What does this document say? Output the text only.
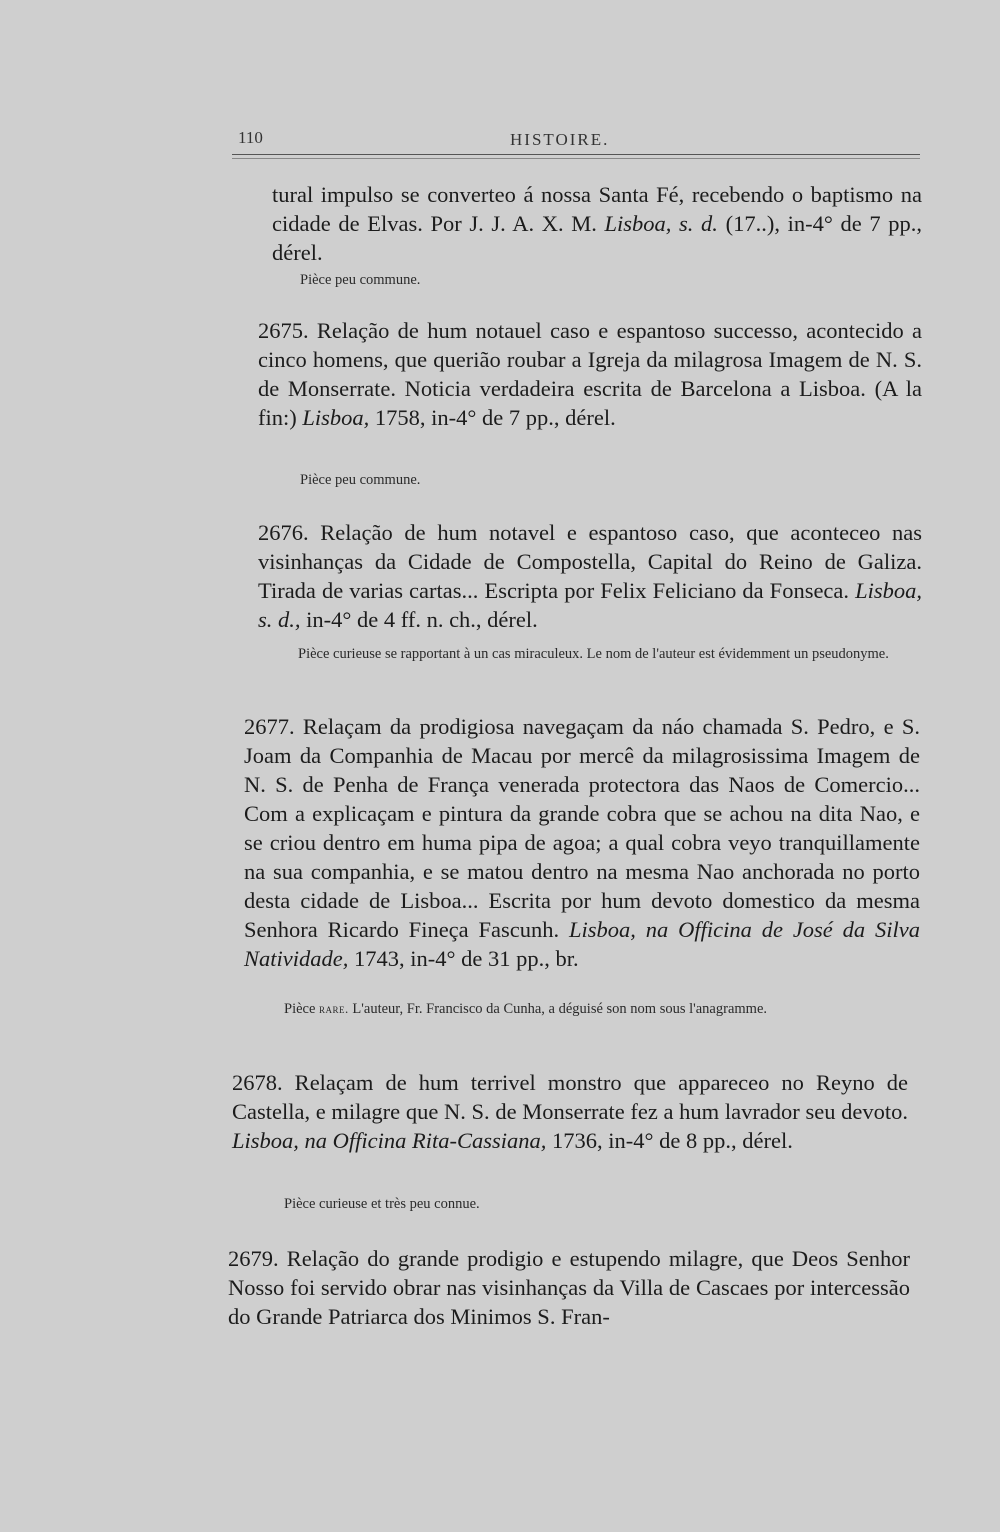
110	HISTOIRE.

tural impulso se converteo á nossa Santa Fé, recebendo o baptismo na cidade de Elvas. Por J. J. A. X. M. Lisboa, s. d. (17..), in-4° de 7 pp., dérel.

Pièce peu commune.

2675. Relação de hum notauel caso e espantoso successo, acontecido a cinco homens, que querião roubar a Igreja da milagrosa Imagem de N. S. de Monserrate. Noticia verdadeira escrita de Barcelona a Lisboa. (A la fin:) Lisboa, 1758, in-4° de 7 pp., dérel.

Pièce peu commune.

2676. Relação de hum notavel e espantoso caso, que aconteceo nas visinhanças da Cidade de Compostella, Capital do Reino de Galiza. Tirada de varias cartas... Escripta por Felix Feliciano da Fonseca. Lisboa, s. d., in-4° de 4 ff. n. ch., dérel.

Pièce curieuse se rapportant à un cas miraculeux. Le nom de l'auteur est évidemment un pseudonyme.

2677. Relaçam da prodigiosa navegaçam da náo chamada S. Pedro, e S. Joam da Companhia de Macau por mercê da milagrosissima Imagem de N. S. de Penha de França venerada protectora das Naos de Comercio... Com a explicaçam e pintura da grande cobra que se achou na dita Nao, e se criou dentro em huma pipa de agoa; a qual cobra veyo tranquillamente na sua companhia, e se matou dentro na mesma Nao anchorada no porto desta cidade de Lisboa... Escrita por hum devoto domestico da mesma Senhora Ricardo Fineça Fascunh. Lisboa, na Officina de José da Silva Natividade, 1743, in-4° de 31 pp., br.

Pièce rare. L'auteur, Fr. Francisco da Cunha, a déguisé son nom sous l'anagramme.

2678. Relaçam de hum terrivel monstro que appareceo no Reyno de Castella, e milagre que N. S. de Monserrate fez a hum lavrador seu devoto. Lisboa, na Officina Rita-Cassiana, 1736, in-4° de 8 pp., dérel.

Pièce curieuse et très peu connue.

2679. Relação do grande prodigio e estupendo milagre, que Deos Senhor Nosso foi servido obrar nas visinhanças da Villa de Cascaes por intercessão do Grande Patriarca dos Minimos S. Fran-
